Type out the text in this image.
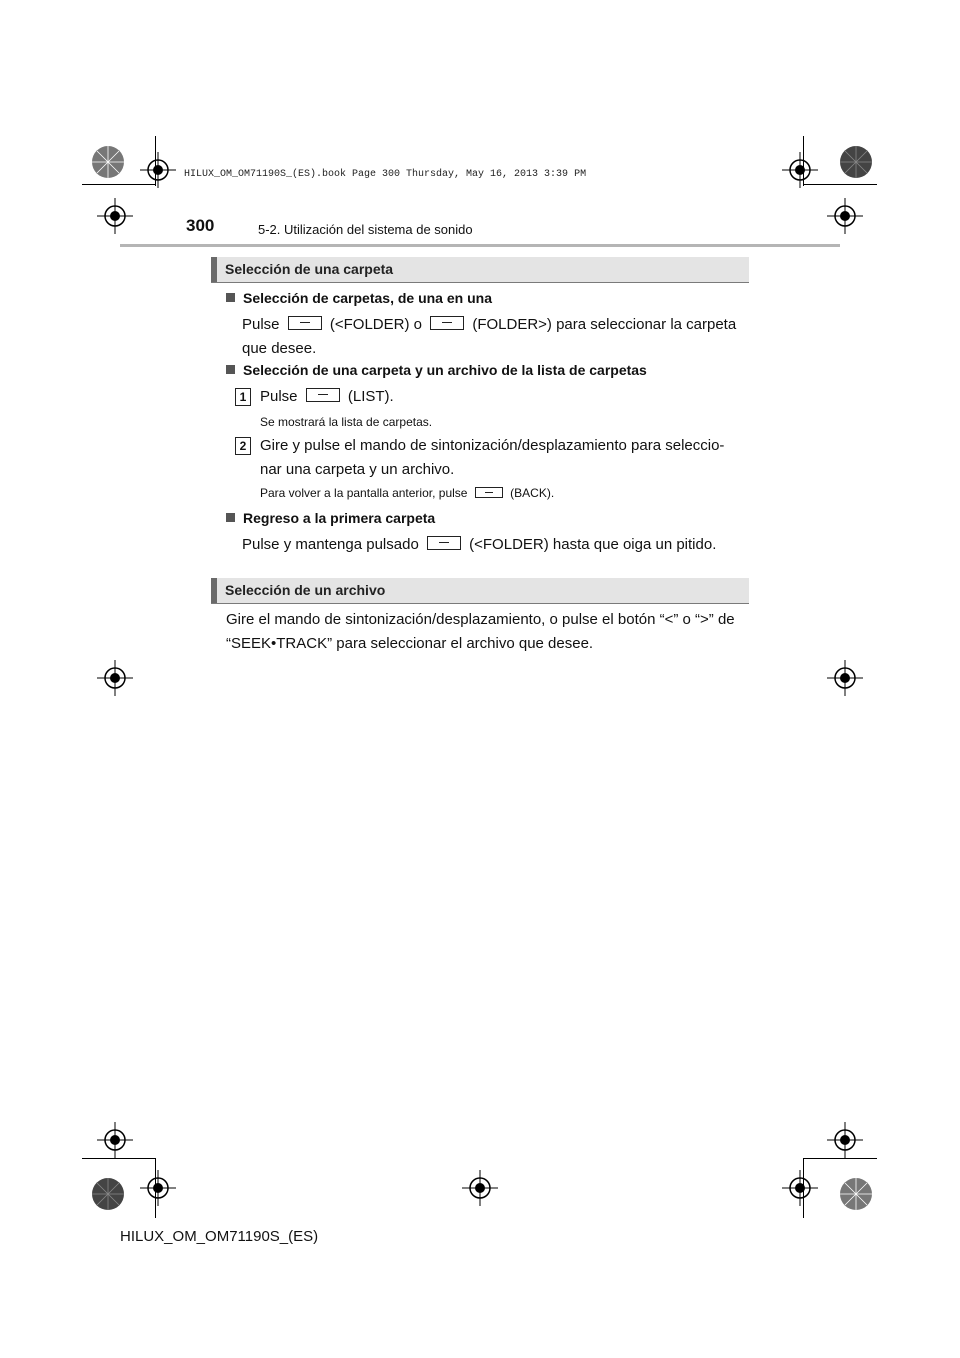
HILUX_OM_OM71190S_(ES).book Page 300 Thursday, May 16, 2013 3:39 PM
300	5-2. Utilización del sistema de sonido
Selección de una carpeta
Selección de carpetas, de una en una
Pulse	(<FOLDER) o	(FOLDER>) para seleccionar la carpeta
que desee.
Selección de una carpeta y un archivo de la lista de carpetas
1 Pulse	(LIST).
Se mostrará la lista de carpetas.
2 Gire y pulse el mando de sintonización/desplazamiento para seleccio-
nar una carpeta y un archivo.
Para volver a la pantalla anterior, pulse	(BACK).
Regreso a la primera carpeta
Pulse y mantenga pulsado	(<FOLDER) hasta que oiga un pitido.
Selección de un archivo
Gire el mando de sintonización/desplazamiento, o pulse el botón “<” o “>” de
“SEEK•TRACK” para seleccionar el archivo que desee.
HILUX_OM_OM71190S_(ES)
